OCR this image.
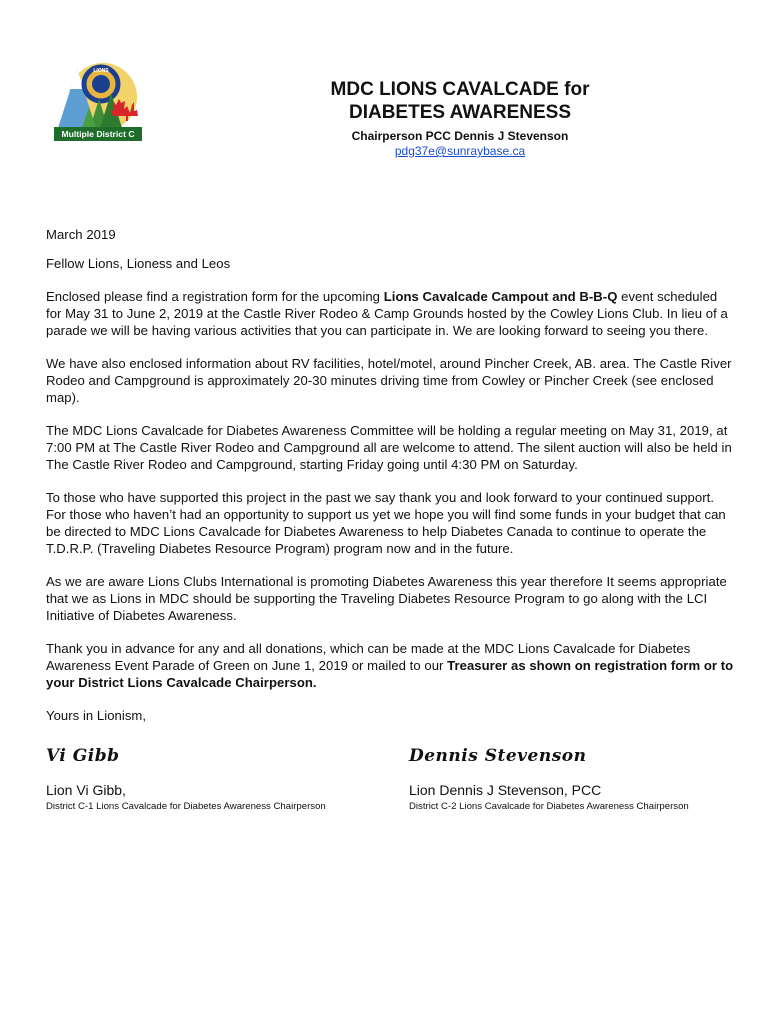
LIONS
Multiple District C
MDC LIONS CAVALCADE for
DIABETES AWARENESS
Chairperson PCC Dennis J Stevenson
pdg37e@sunraybase.ca

March 2019

Fellow Lions, Lioness and Leos

Enclosed please find a registration form for the upcoming Lions Cavalcade Campout and B-B-Q event scheduled for May 31 to June 2, 2019 at the Castle River Rodeo & Camp Grounds hosted by the Cowley Lions Club. In lieu of a parade we will be having various activities that you can participate in. We are looking forward to seeing you there.

We have also enclosed information about RV facilities, hotel/motel, around Pincher Creek, AB. area. The Castle River Rodeo and Campground is approximately 20-30 minutes driving time from Cowley or Pincher Creek (see enclosed map).

The MDC Lions Cavalcade for Diabetes Awareness Committee will be holding a regular meeting on May 31, 2019, at 7:00 PM at The Castle River Rodeo and Campground all are welcome to attend. The silent auction will also be held in The Castle River Rodeo and Campground, starting Friday going until 4:30 PM on Saturday.

To those who have supported this project in the past we say thank you and look forward to your continued support. For those who haven’t had an opportunity to support us yet we hope you will find some funds in your budget that can be directed to MDC Lions Cavalcade for Diabetes Awareness to help Diabetes Canada to continue to operate the T.D.R.P. (Traveling Diabetes Resource Program) program now and in the future.

As we are aware Lions Clubs International is promoting Diabetes Awareness this year therefore It seems appropriate that we as Lions in MDC should be supporting the Traveling Diabetes Resource Program to go along with the LCI Initiative of Diabetes Awareness.

Thank you in advance for any and all donations, which can be made at the MDC Lions Cavalcade for Diabetes Awareness Event Parade of Green on June 1, 2019 or mailed to our Treasurer as shown on registration form or to your District Lions Cavalcade Chairperson.

Yours in Lionism,

Vi Gibb
Lion Vi Gibb,
District C-1 Lions Cavalcade for Diabetes Awareness Chairperson
Dennis Stevenson
Lion Dennis J Stevenson, PCC
District C-2 Lions Cavalcade for Diabetes Awareness Chairperson
